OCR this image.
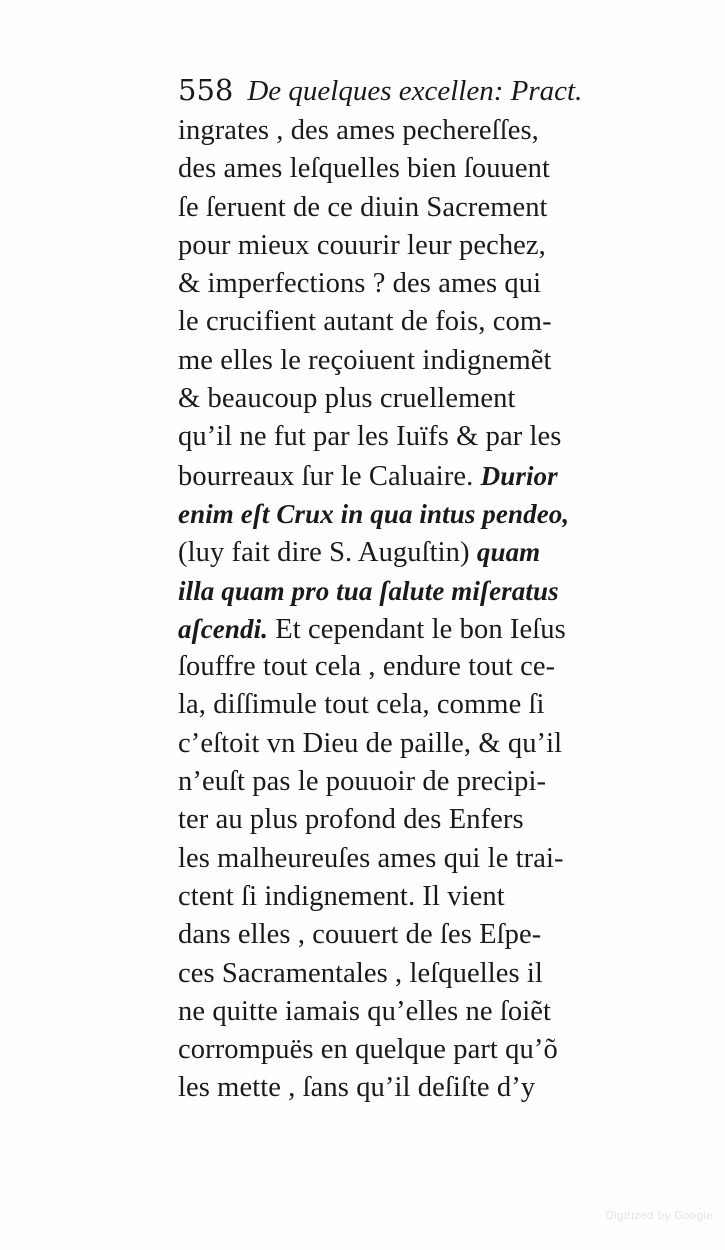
558 De quelques excellen: Pract.
ingrates , des ames pechereſſes,
des ames leſquelles bien ſouuent
ſe ſeruent de ce diuin Sacrement
pour mieux couurir leur pechez,
& imperfections ? des ames qui
le crucifient autant de fois, com-
me elles le reçoiuent indignemẽt
& beaucoup plus cruellement
qu’il ne fut par les Iuïfs & par les
bourreaux ſur le Caluaire. Durior
enim eſt Crux in qua intus pendeo,
(luy fait dire S. Auguſtin) quam
illa quam pro tua ſalute miſeratus
aſcendi. Et cependant le bon Ieſus
ſouffre tout cela , endure tout ce-
la, diſſimule tout cela, comme ſi
c’eſtoit vn Dieu de paille, & qu’il
n’euſt pas le pouuoir de precipi-
ter au plus profond des Enfers
les malheureuſes ames qui le trai-
ctent ſi indignement. Il vient
dans elles , couuert de ſes Eſpe-
ces Sacramentales , leſquelles il
ne quitte iamais qu’elles ne ſoiẽt
corrompuës en quelque part qu’õ
les mette , ſans qu’il deſiſte d’y
Digitized by Google
